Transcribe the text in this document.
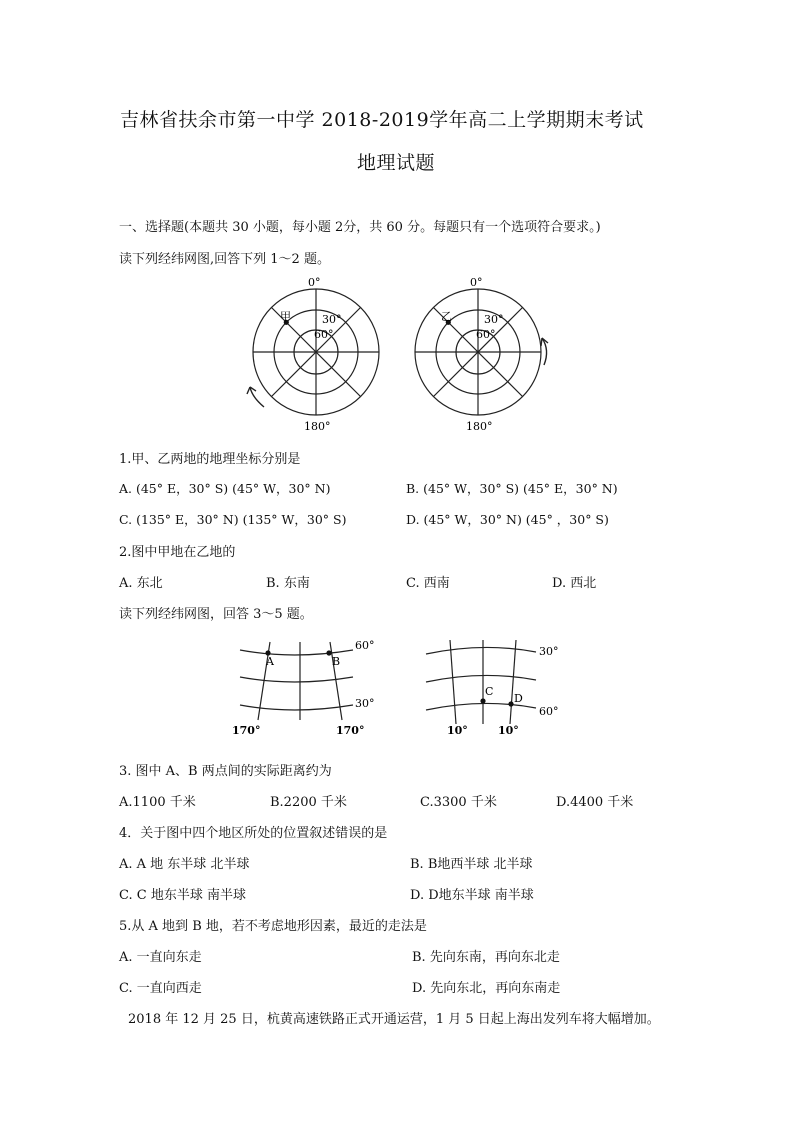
吉林省扶余市第一中学 2018-2019学年高二上学期期末考试
地理试题
一、选择题(本题共 30 小题，每小题 2分，共 60 分。每题只有一个选项符合要求。)
读下列经纬网图,回答下列 1～2 题。
0°
180°
30°
60°
甲
0°
180°
30°
60°
乙
1.甲、乙两地的地理坐标分别是
A. (45° E，30° S) (45° W，30° N)	B. (45° W，30° S) (45° E，30° N)
C. (135° E，30° N) (135° W，30° S)	D. (45° W，30° N) (45° ，30° S)
2.图中甲地在乙地的
A. 东北	B. 东南	C. 西南	D. 西北
读下列经纬网图，回答 3～5 题。
60°
30°
170°	170°
A	B
30°
60°
10°	10°
C
D
3. 图中 A、B 两点间的实际距离约为
A.1100 千米	B.2200 千米	C.3300 千米	D.4400 千米
4．关于图中四个地区所处的位置叙述错误的是
A. A 地 东半球 北半球	B. B地西半球 北半球
C. C 地东半球 南半球	D. D地东半球 南半球
5.从 A 地到 B 地，若不考虑地形因素，最近的走法是
A. 一直向东走	B. 先向东南，再向东北走
C. 一直向西走	D. 先向东北，再向东南走
2018 年 12 月 25 日，杭黄高速铁路正式开通运营，1 月 5 日起上海出发列车将大幅增加。
